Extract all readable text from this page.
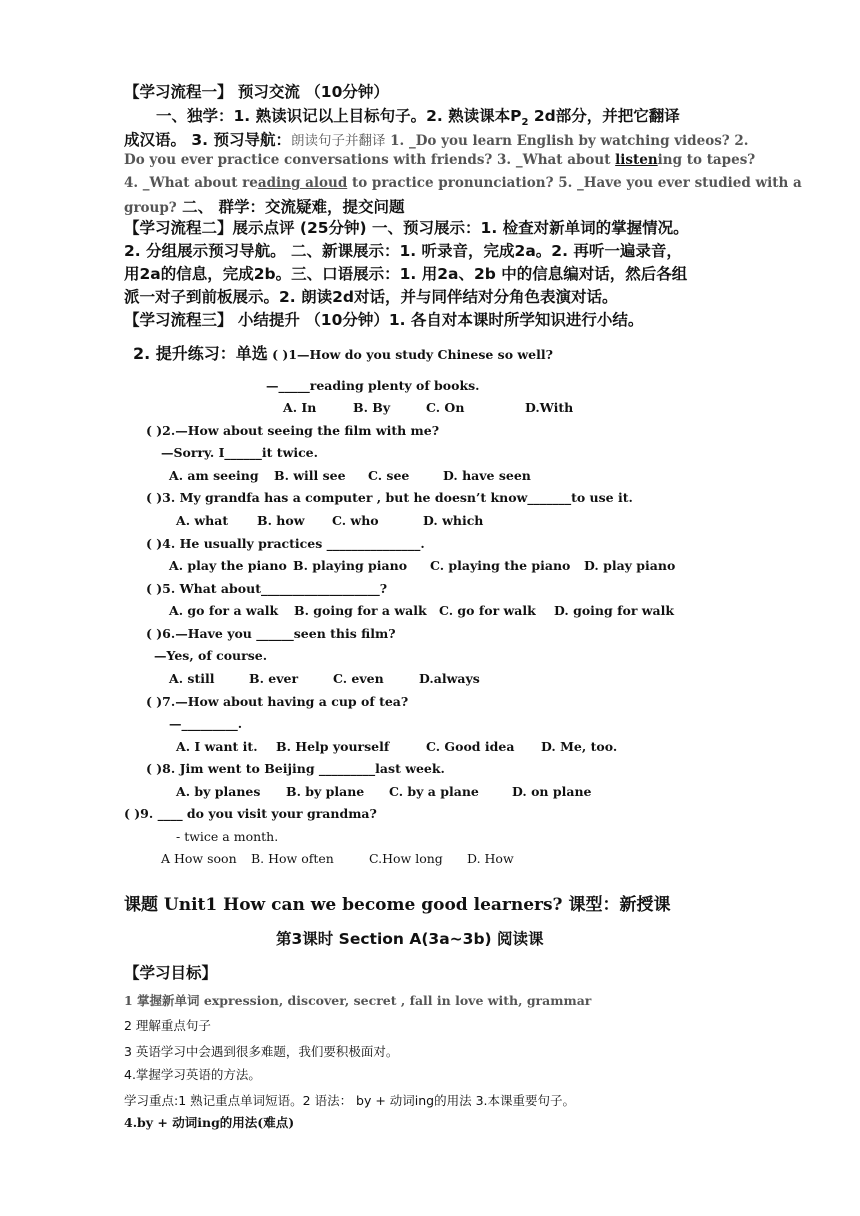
【学习流程一】 预习交流 （10分钟）
一、独学：1. 熟读识记以上目标句子。2. 熟读课本$P_2$ 2d部分，并把它翻译
成汉语。 3. 预习导航：朗读句子并翻译 1. _Do you learn English by watching videos? 2.
Do you ever practice conversations with friends? 3. _What about listening to tapes?
4. _What about reading aloud to practice pronunciation? 5. _Have you ever studied with a
group? 二、 群学：交流疑难，提交问题
【学习流程二】展示点评 (25分钟) 一、预习展示：1. 检查对新单词的掌握情况。
2. 分组展示预习导航。 二、新课展示：1. 听录音，完成2a。2. 再听一遍录音，
用2a的信息，完成2b。三、口语展示：1. 用2a、2b 中的信息编对话，然后各组
派一对子到前板展示。2. 朗读2d对话，并与同伴结对分角色表演对话。
【学习流程三】 小结提升 （10分钟）1. 各自对本课时所学知识进行小结。
2. 提升练习：单选 ( )1—How do you study Chinese so well?
—_____reading plenty of books.
A. In	B. By	C. On	D.With
( )2.—How about seeing the film with me?
—Sorry. I______it twice.
A. am seeing B. will see C. see	D. have seen
( )3. My grandfa has a computer , but he doesn’t know_______to use it.
A. what B. how C. who	D. which
( )4. He usually practices _______________.
A. play the piano B. playing piano C. playing the piano D. play piano
( )5. What about___________________?
A. go for a walk B. going for a walk C. go for walk D. going for walk
( )6.—Have you ______seen this film?
—Yes, of course.
A. still	B. ever	C. even	D.always
( )7.—How about having a cup of tea?
—_________.
A. I want it. B. Help yourself	C. Good idea D. Me, too.
( )8. Jim went to Beijing _________last week.
A. by planes B. by plane C. by a plane	D. on plane
( )9. ____ do you visit your grandma?
- twice a month.
A How soon B. How often	C.How long D. How
课题 Unit1 How can we become good learners? 课型：新授课
第3课时 Section A(3a~3b) 阅读课
【学习目标】
1 掌握新单词 expression, discover, secret , fall in love with, grammar
2 理解重点句子
3 英语学习中会遇到很多难题，我们要积极面对。
4.掌握学习英语的方法。
学习重点:1 熟记重点单词短语。2 语法： by + 动词ing的用法 3.本课重要句子。
4.by + 动词ing的用法(难点)
